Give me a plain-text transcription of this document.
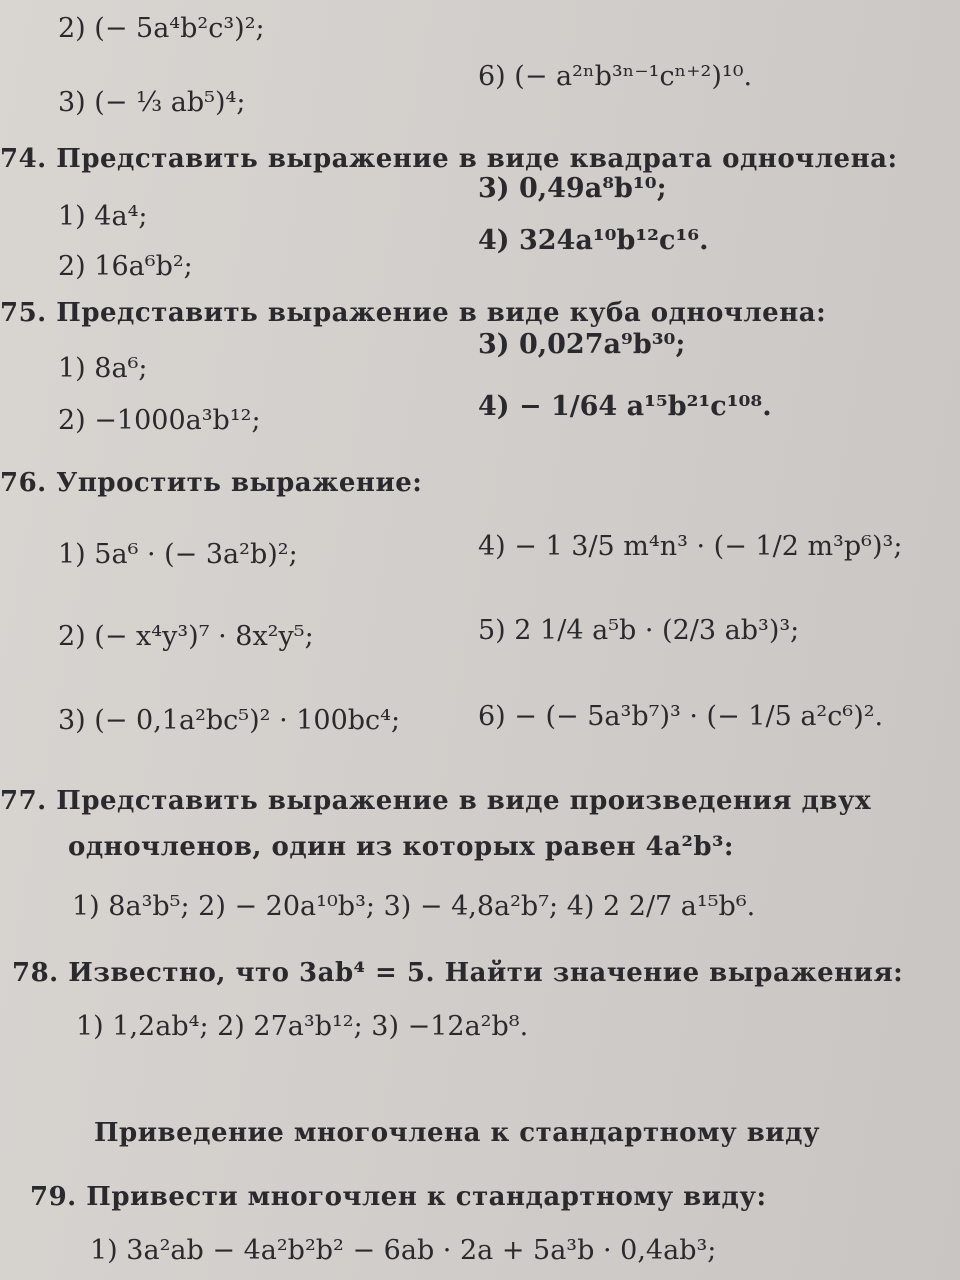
2) (− 5a⁴b²c³)²;
3) (− ⅓ ab⁵)⁴;
6) (− a²ⁿb³ⁿ⁻¹cⁿ⁺²)¹⁰.
74. Представить выражение в виде квадрата одночлена:
1) 4a⁴;
2) 16a⁶b²;
3) 0,49a⁸b¹⁰;
4) 324a¹⁰b¹²c¹⁶.
75. Представить выражение в виде куба одночлена:
1) 8a⁶;
2) −1000a³b¹²;
3) 0,027a⁹b³⁰;
4) − 1/64 a¹⁵b²¹c¹⁰⁸.
76. Упростить выражение:
1) 5a⁶ · (− 3a²b)²;
2) (− x⁴y³)⁷ · 8x²y⁵;
3) (− 0,1a²bc⁵)² · 100bc⁴;
4) − 1 3/5 m⁴n³ · (− 1/2 m³p⁶)³;
5) 2 1/4 a⁵b · (2/3 ab³)³;
6) − (− 5a³b⁷)³ · (− 1/5 a²c⁶)².
77. Представить выражение в виде произведения двух
одночленов, один из которых равен 4a²b³:
1) 8a³b⁵; 2) − 20a¹⁰b³; 3) − 4,8a²b⁷; 4) 2 2/7 a¹⁵b⁶.
78. Известно, что 3ab⁴ = 5. Найти значение выражения:
1) 1,2ab⁴; 2) 27a³b¹²; 3) −12a²b⁸.
Приведение многочлена к стандартному виду
79. Привести многочлен к стандартному виду:
1) 3a²ab − 4a²b²b² − 6ab · 2a + 5a³b · 0,4ab³;
